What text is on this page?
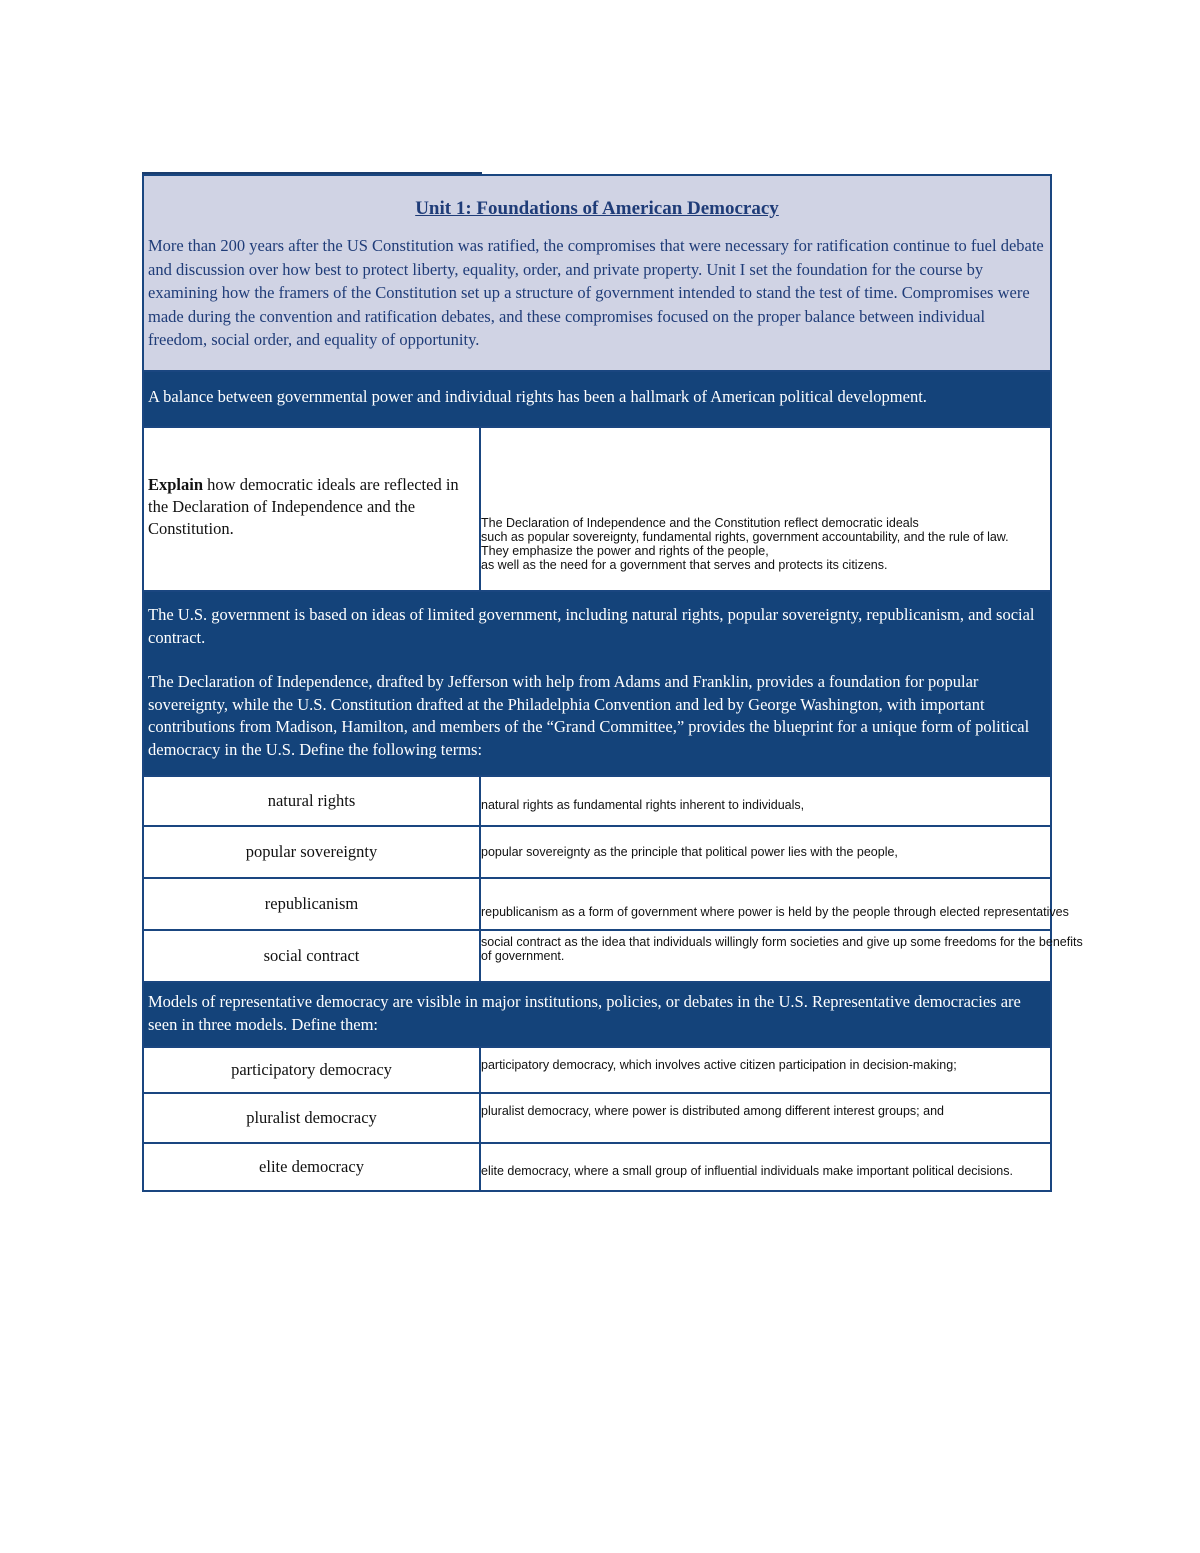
Unit 1: Foundations of American Democracy
More than 200 years after the US Constitution was ratified, the compromises that were necessary for ratification continue to fuel debate and discussion over how best to protect liberty, equality, order, and private property. Unit I set the foundation for the course by examining how the framers of the Constitution set up a structure of government intended to stand the test of time. Compromises were made during the convention and ratification debates, and these compromises focused on the proper balance between individual freedom, social order, and equality of opportunity.	

A balance between governmental power and individual rights has been a hallmark of American political development.	
Explain how democratic ideals are reflected in the Declaration of Independence and the Constitution.	The Declaration of Independence and the Constitution reflect democratic ideals
such as popular sovereignty, fundamental rights, government accountability, and the rule of law.
They emphasize the power and rights of the people,
as well as the need for a government that serves and protects its citizens.

The U.S. government is based on ideas of limited government, including natural rights, popular sovereignty, republicanism, and social contract.

The Declaration of Independence, drafted by Jefferson with help from Adams and Franklin, provides a foundation for popular sovereignty, while the U.S. Constitution drafted at the Philadelphia Convention and led by George Washington, with important contributions from Madison, Hamilton, and members of the “Grand Committee,” provides the blueprint for a unique form of political democracy in the U.S. Define the following terms:	

natural rights	natural rights as fundamental rights inherent to individuals,
popular sovereignty	popular sovereignty as the principle that political power lies with the people,
republicanism	republicanism as a form of government where power is held by the people through elected representatives
social contract	social contract as the idea that individuals willingly form societies and give up some freedoms for the benefits of government.

Models of representative democracy are visible in major institutions, policies, or debates in the U.S. Representative democracies are seen in three models. Define them:	
participatory democracy	participatory democracy, which involves active citizen participation in decision-making;
pluralist democracy	pluralist democracy, where power is distributed among different interest groups; and
elite democracy	elite democracy, where a small group of influential individuals make important political decisions.
